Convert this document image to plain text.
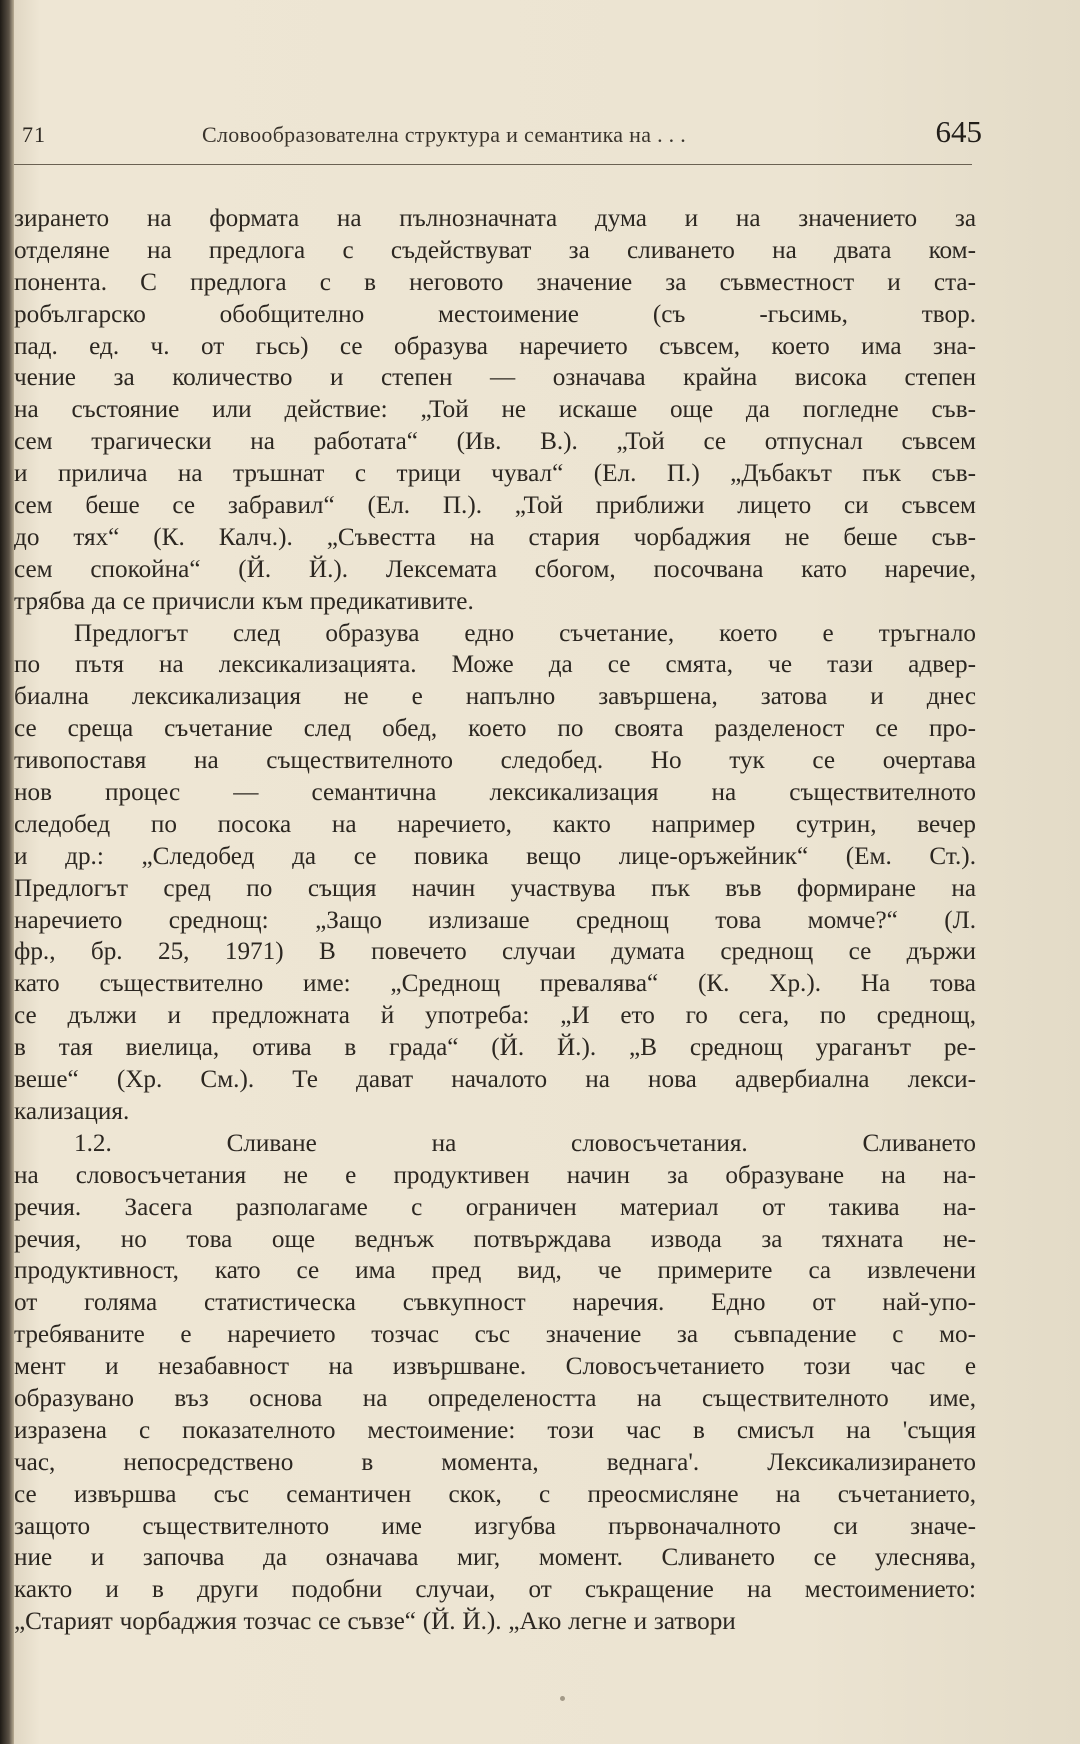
71	Словообразователна структура и семантика на . . .	645
зирането на формата на пълнозначната дума и на значението за
отделяне на предлога с съдействуват за сливането на двата ком-
понента. С предлога с в неговото значение за съвместност и ста-
робългарско обобщително местоимение (съ -гьсимь, твор.
пад. ед. ч. от гьсь) се образува наречието съвсем, което има зна-
чение за количество и степен — означава крайна висока степен
на състояние или действие: „Той не искаше още да погледне съв-
сем трагически на работата“ (Ив. В.). „Той се отпуснал съвсем
и прилича на тръшнат с трици чувал“ (Ел. П.) „Дъбакът пък съв-
сем беше се забравил“ (Ел. П.). „Той приближи лицето си съвсем
до тях“ (К. Калч.). „Съвестта на стария чорбаджия не беше съв-
сем спокойна“ (Й. Й.). Лексемата сбогом, посочвана като наречие,
трябва да се причисли към предикативите.
Предлогът след образува едно съчетание, което е тръгнало
по пътя на лексикализацията. Може да се смята, че тази адвер-
биална лексикализация не е напълно завършена, затова и днес
се среща съчетание след обед, което по своята разделеност се про-
тивопоставя на съществителното следобед. Но тук се очертава
нов процес — семантична лексикализация на съществителното
следобед по посока на наречието, както например сутрин, вечер
и др.: „Следобед да се повика вещо лице-оръжейник“ (Ем. Ст.).
Предлогът сред по същия начин участвува пък във формиране на
наречието среднощ: „Защо излизаше среднощ това момче?“ (Л.
фр., бр. 25, 1971) В повечето случаи думата среднощ се държи
като съществително име: „Среднощ превалява“ (К. Хр.). На това
се дължи и предложната й употреба: „И ето го сега, по среднощ,
в тая виелица, отива в града“ (Й. Й.). „В среднощ ураганът ре-
веше“ (Хр. См.). Те дават началото на нова адвербиална лекси-
кализация.
1.2. Сливане на словосъчетания. Сливането
на словосъчетания не е продуктивен начин за образуване на на-
речия. Засега разполагаме с ограничен материал от такива на-
речия, но това още веднъж потвърждава извода за тяхната не-
продуктивност, като се има пред вид, че примерите са извлечени
от голяма статистическа съвкупност наречия. Едно от най-упо-
требяваните е наречието тозчас със значение за съвпадение с мо-
мент и незабавност на извършване. Словосъчетанието този час е
образувано въз основа на определеността на съществителното име,
изразена с показателното местоимение: този час в смисъл на 'същия
час, непосредствено в момента, веднага'. Лексикализирането
се извършва със семантичен скок, с преосмисляне на съчетанието,
защото съществителното име изгубва първоначалното си значе-
ние и започва да означава миг, момент. Сливането се улеснява,
както и в други подобни случаи, от съкращение на местоимението:
„Старият чорбаджия тозчас се съвзе“ (Й. Й.). „Ако легне и затвори
